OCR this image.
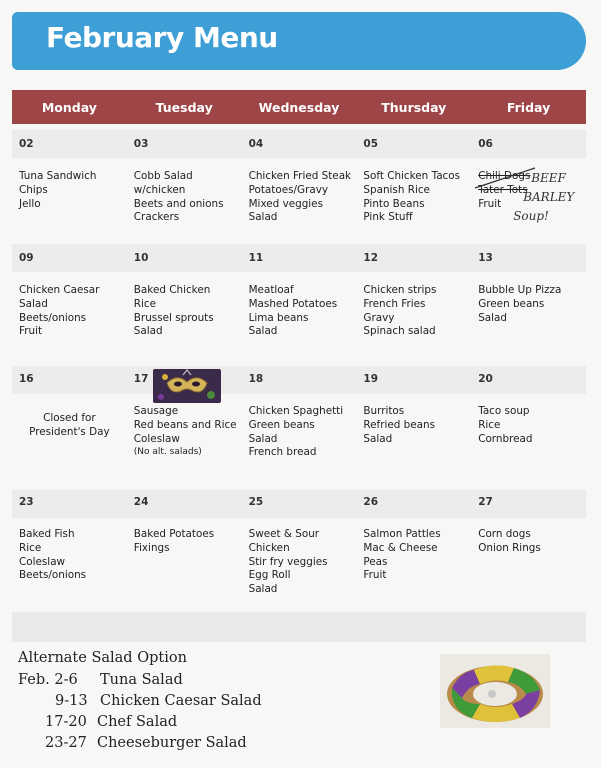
February Menu
Monday	Tuesday	Wednesday	Thursday	Friday
02
Tuna Sandwich
Chips
Jello
03
Cobb Salad
w/chicken
Beets and onions
Crackers
04
Chicken Fried Steak
Potatoes/Gravy
Mixed veggies
Salad
05
Soft Chicken Tacos
Spanish Rice
Pinto Beans
Pink Stuff
06
Chili Dogs
Tater Tots
Fruit
BEEF
BARLEY
Soup!
09
Chicken Caesar
Salad
Beets/onions
Fruit
10
Baked Chicken
Rice
Brussel sprouts
Salad
11
Meatloaf
Mashed Potatoes
Lima beans
Salad
12
Chicken strips
French Fries
Gravy
Spinach salad
13
Bubble Up Pizza
Green beans
Salad
16
Closed for
President's Day
17
Sausage
Red beans and Rice
Coleslaw
(No alt. salads)
18
Chicken Spaghetti
Green beans
Salad
French bread
19
Burritos
Refried beans
Salad
20
Taco soup
Rice
Cornbread
23
Baked Fish
Rice
Coleslaw
Beets/onions
24
Baked Potatoes
Fixings
25
Sweet & Sour
Chicken
Stir fry veggies
Egg Roll
Salad
26
Salmon Pattles
Mac & Cheese
Peas
Fruit
27
Corn dogs
Onion Rings
Alternate Salad Option
Feb. 2-6 Tuna Salad
9-13 Chicken Caesar Salad
17-20 Chef Salad
23-27 Cheeseburger Salad
